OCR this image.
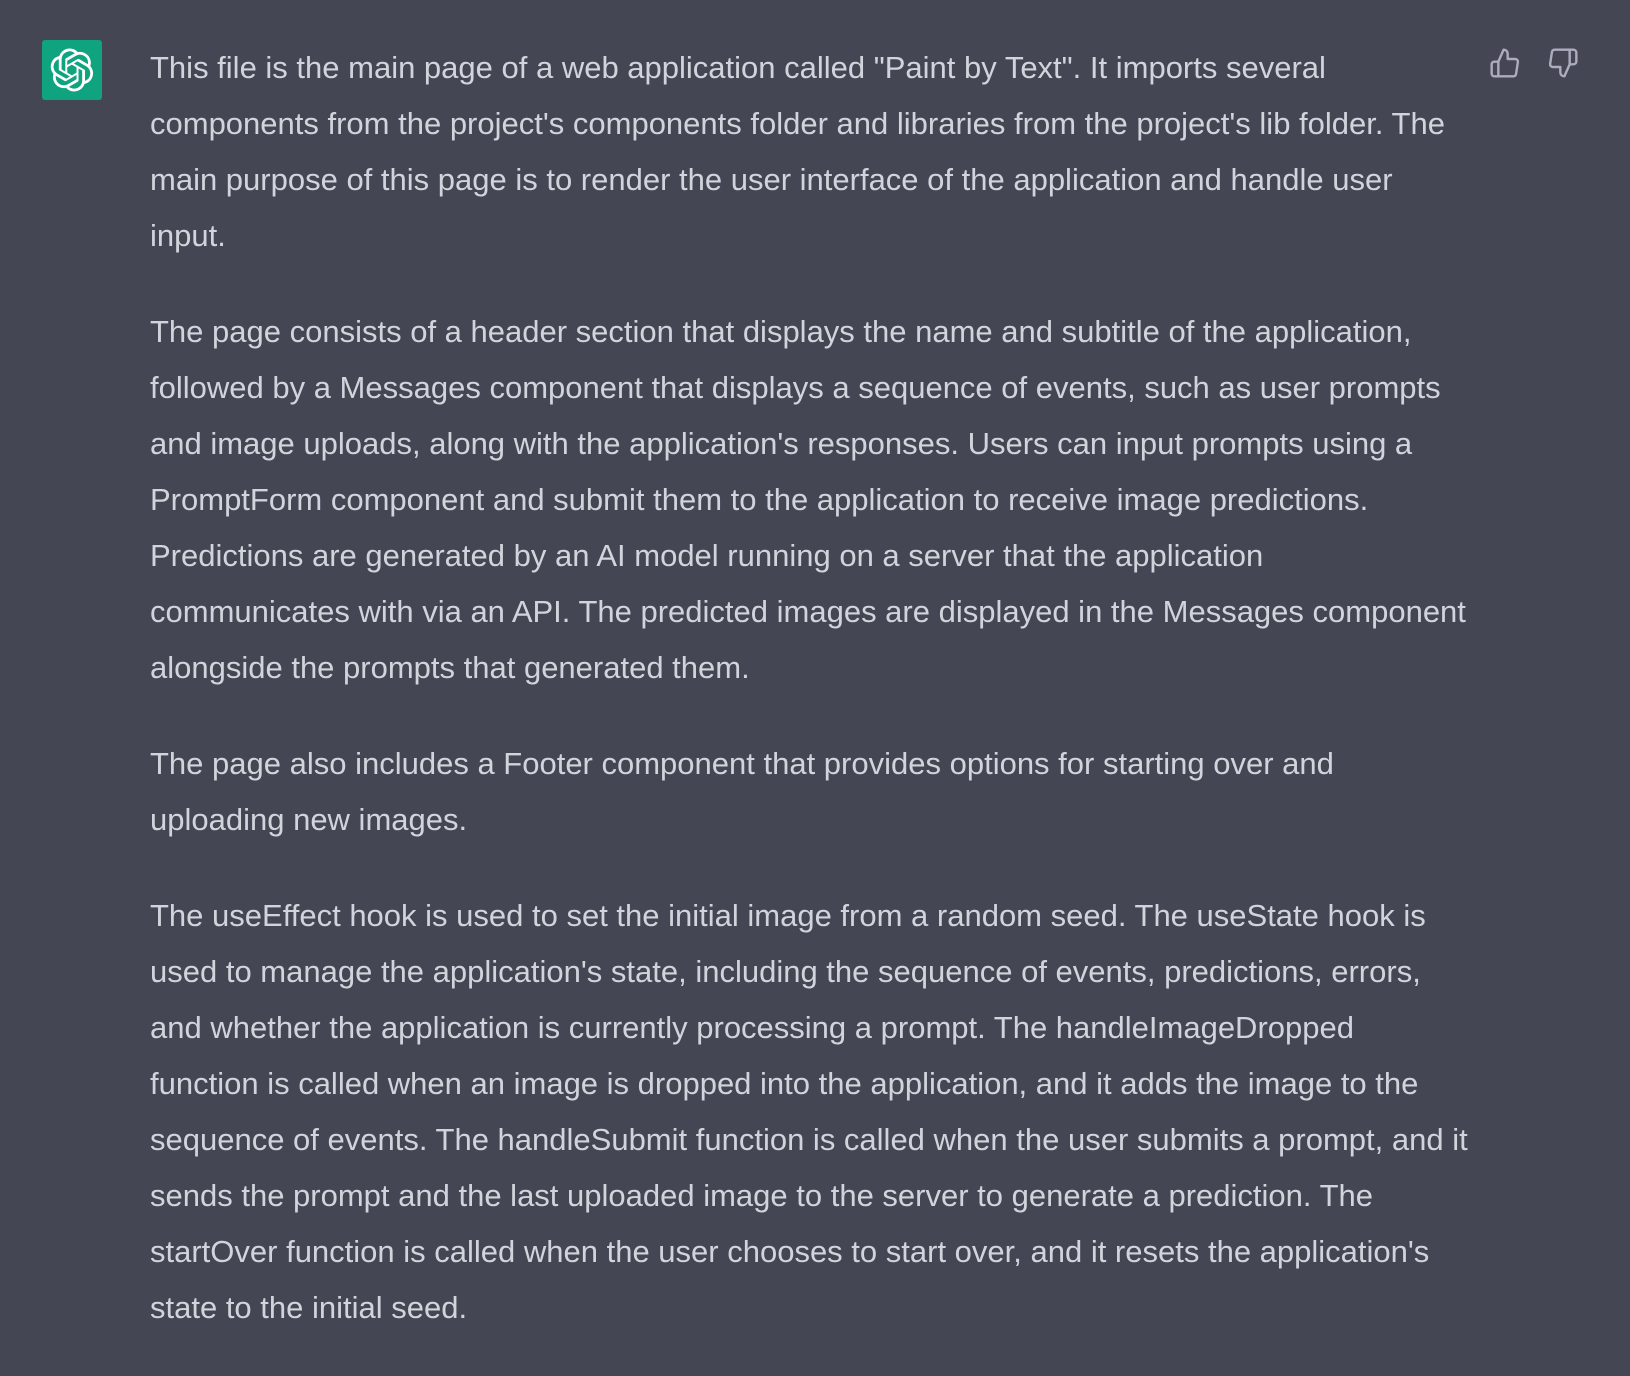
This file is the main page of a web application called "Paint by Text". It imports several components from the project's components folder and libraries from the project's lib folder. The main purpose of this page is to render the user interface of the application and handle user input.

The page consists of a header section that displays the name and subtitle of the application, followed by a Messages component that displays a sequence of events, such as user prompts and image uploads, along with the application's responses. Users can input prompts using a PromptForm component and submit them to the application to receive image predictions. Predictions are generated by an AI model running on a server that the application communicates with via an API. The predicted images are displayed in the Messages component alongside the prompts that generated them.

The page also includes a Footer component that provides options for starting over and uploading new images.

The useEffect hook is used to set the initial image from a random seed. The useState hook is used to manage the application's state, including the sequence of events, predictions, errors, and whether the application is currently processing a prompt. The handleImageDropped function is called when an image is dropped into the application, and it adds the image to the sequence of events. The handleSubmit function is called when the user submits a prompt, and it sends the prompt and the last uploaded image to the server to generate a prediction. The startOver function is called when the user chooses to start over, and it resets the application's state to the initial seed.
